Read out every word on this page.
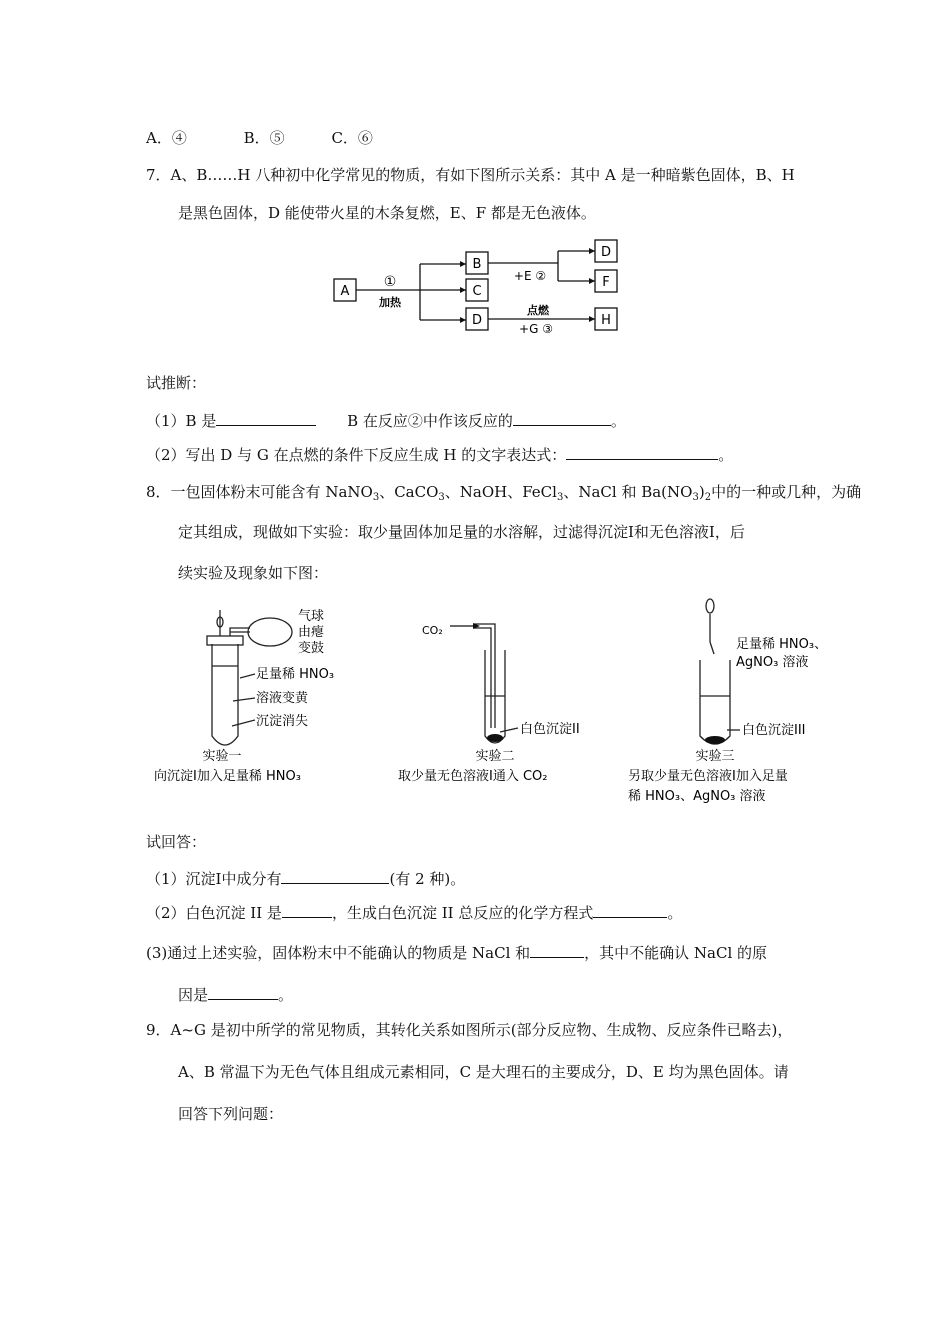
A．④	B．⑤	C．⑥
7．A、B……H 八种初中化学常见的物质，有如下图所示关系：其中 A 是一种暗紫色固体，B、H
是黑色固体，D 能使带火星的木条复燃，E、F 都是无色液体。
A
B
C
D
D
F
H
①
加热
+E ②
点燃
+G ③
试推断：
（1）B 是	B 在反应②中作该反应的	。
（2）写出 D 与 G 在点燃的条件下反应生成 H 的文字表达式：	。
8．一包固体粉末可能含有 NaNO$_3$、CaCO$_3$、NaOH、FeCl$_3$、NaCl 和 $Ba(NO_3)_2$中的一种或几种，为确
定其组成，现做如下实验：取少量固体加足量的水溶解，过滤得沉淀Ⅰ和无色溶液Ⅰ，后
续实验及现象如下图：
气球
由瘪
变鼓
足量稀 HNO₃
溶液变黄
沉淀消失
实验一
向沉淀Ⅰ加入足量稀 HNO₃
CO₂
白色沉淀II
实验二
取少量无色溶液Ⅰ通入 CO₂
足量稀 HNO₃、
AgNO₃ 溶液
白色沉淀III
实验三
另取少量无色溶液Ⅰ加入足量
稀 HNO₃、AgNO₃ 溶液
试回答：
（1）沉淀Ⅰ中成分有	(有 2 种)。
（2）白色沉淀 II 是	，生成白色沉淀 II 总反应的化学方程式	。
(3)通过上述实验，固体粉末中不能确认的物质是 NaCl 和	，其中不能确认 NaCl 的原
因是	。
9．A~G 是初中所学的常见物质，其转化关系如图所示(部分反应物、生成物、反应条件已略去)，
A、B 常温下为无色气体且组成元素相同，C 是大理石的主要成分，D、E 均为黑色固体。请
回答下列问题：
